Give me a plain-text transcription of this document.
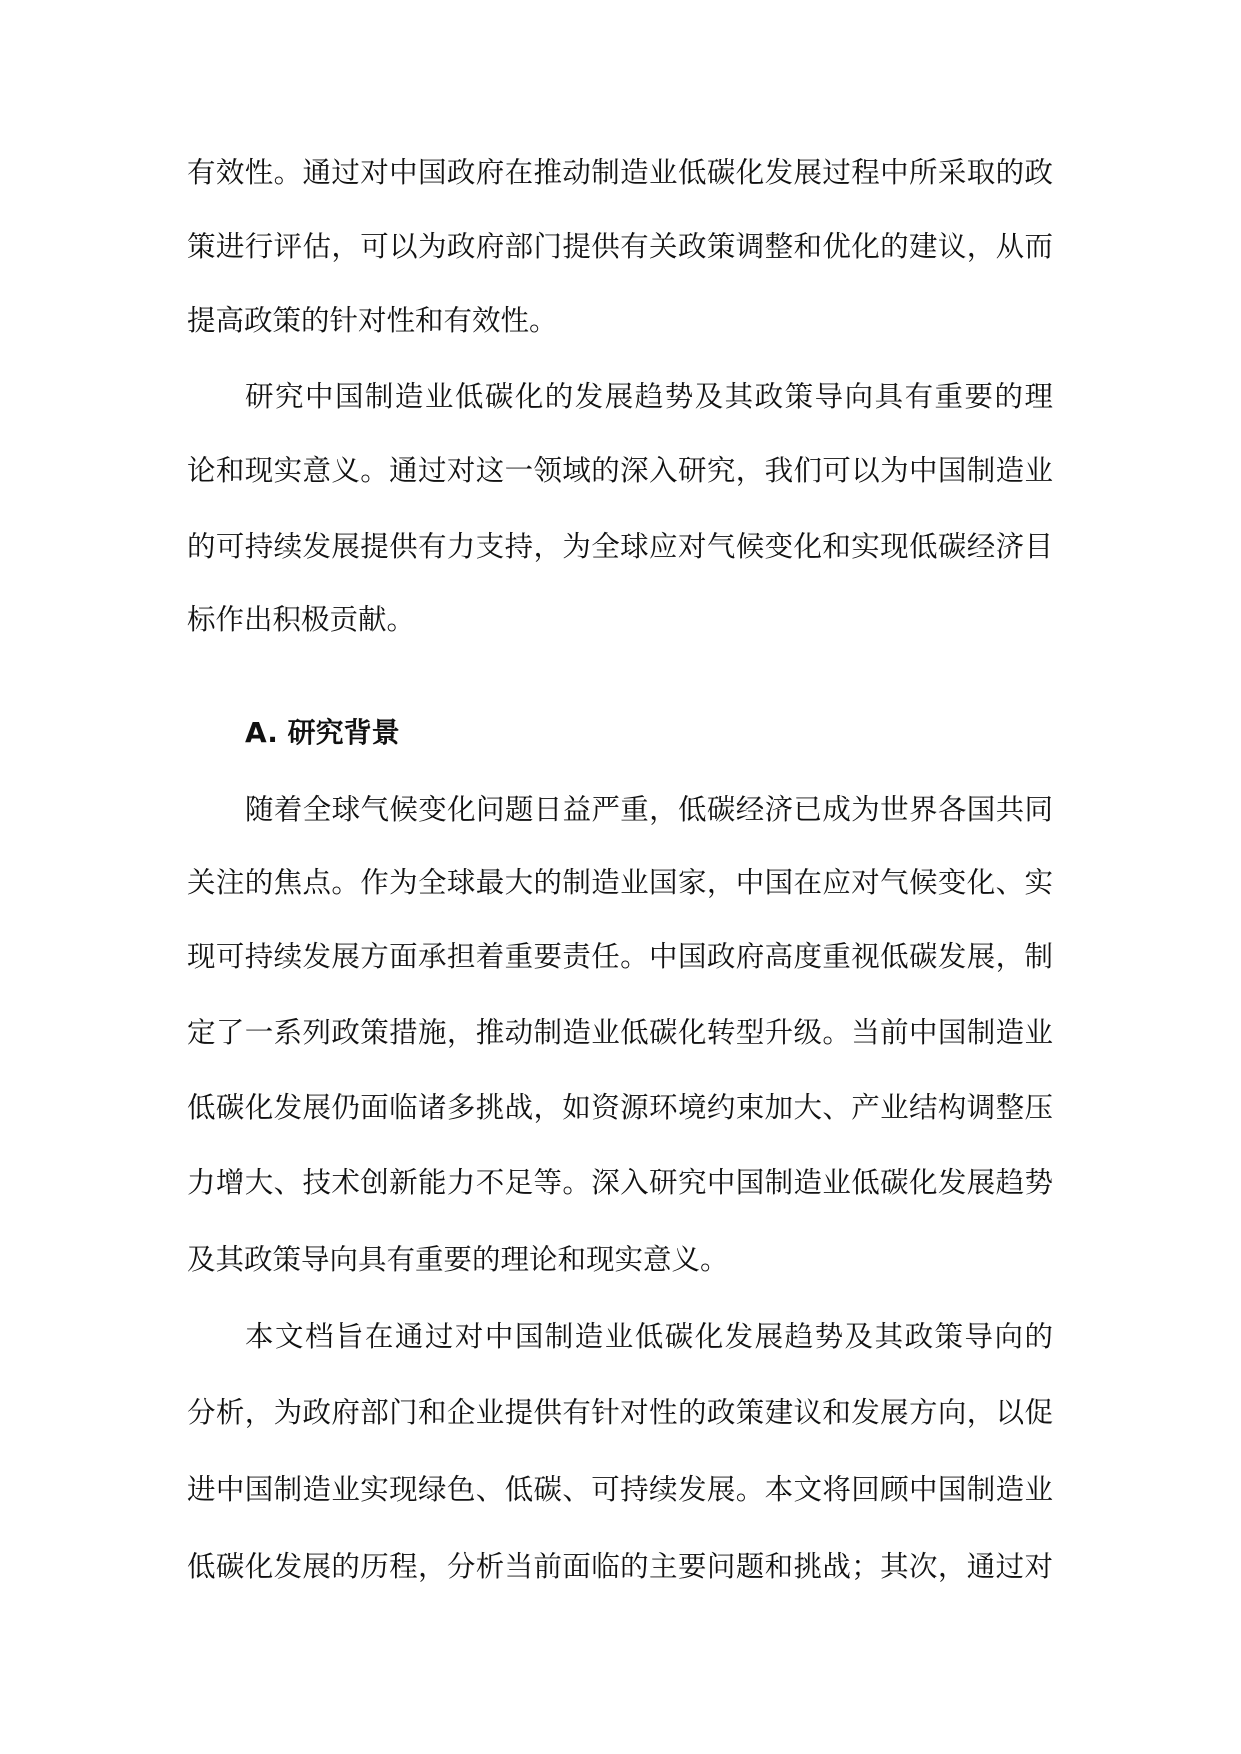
有效性。通过对中国政府在推动制造业低碳化发展过程中所采取的政
策进行评估，可以为政府部门提供有关政策调整和优化的建议，从而
提高政策的针对性和有效性。
研究中国制造业低碳化的发展趋势及其政策导向具有重要的理
论和现实意义。通过对这一领域的深入研究，我们可以为中国制造业
的可持续发展提供有力支持，为全球应对气候变化和实现低碳经济目
标作出积极贡献。
A. 研究背景
随着全球气候变化问题日益严重，低碳经济已成为世界各国共同
关注的焦点。作为全球最大的制造业国家，中国在应对气候变化、实
现可持续发展方面承担着重要责任。中国政府高度重视低碳发展，制
定了一系列政策措施，推动制造业低碳化转型升级。当前中国制造业
低碳化发展仍面临诸多挑战，如资源环境约束加大、产业结构调整压
力增大、技术创新能力不足等。深入研究中国制造业低碳化发展趋势
及其政策导向具有重要的理论和现实意义。
本文档旨在通过对中国制造业低碳化发展趋势及其政策导向的
分析，为政府部门和企业提供有针对性的政策建议和发展方向，以促
进中国制造业实现绿色、低碳、可持续发展。本文将回顾中国制造业
低碳化发展的历程，分析当前面临的主要问题和挑战；其次，通过对
